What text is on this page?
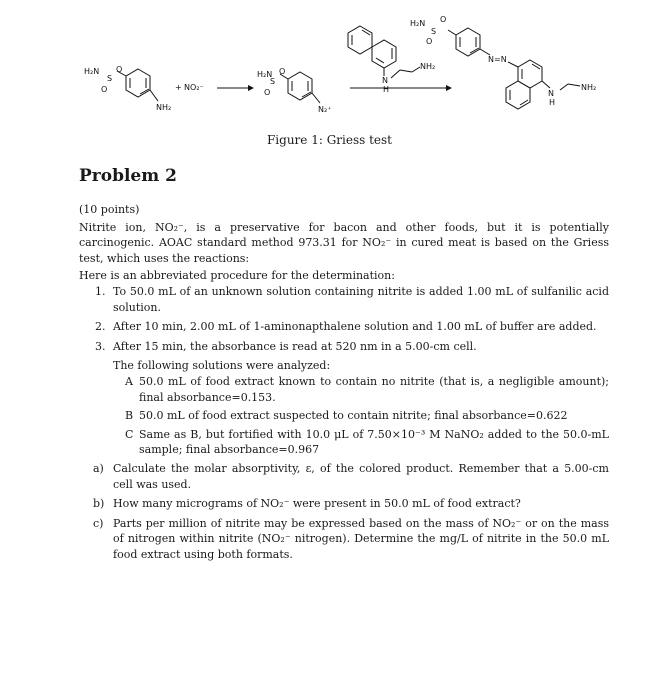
H₂N
S
O
O
NH₂
+ NO₂⁻
H₂N
S
O
O
N₂⁺
N
H
NH₂
H₂N
S
O
O
N=N
N
H
NH₂
Figure 1: Griess test
Problem 2

(10 points)

Nitrite ion, NO₂⁻, is a preservative for bacon and other foods, but it is potentially carcinogenic. AOAC standard method 973.31 for NO₂⁻ in cured meat is based on the Griess test, which uses the reactions:

Here is an abbreviated procedure for the determination:

1. To 50.0 mL of an unknown solution containing nitrite is added 1.00 mL of sulfanilic acid solution.
2. After 10 min, 2.00 mL of 1-aminonapthalene solution and 1.00 mL of buffer are added.
3. After 15 min, the absorbance is read at 520 nm in a 5.00-cm cell.

The following solutions were analyzed:

A 50.0 mL of food extract known to contain no nitrite (that is, a negligible amount); final absorbance=0.153.
B 50.0 mL of food extract suspected to contain nitrite; final absorbance=0.622
C Same as B, but fortified with 10.0 μL of 7.50×10⁻³ M NaNO₂ added to the 50.0-mL sample; final absorbance=0.967
a) Calculate the molar absorptivity, ε, of the colored product. Remember that a 5.00-cm cell was used.
b) How many micrograms of NO₂⁻ were present in 50.0 mL of food extract?
c) Parts per million of nitrite may be expressed based on the mass of NO₂⁻ or on the mass of nitrogen within nitrite (NO₂⁻ nitrogen). Determine the mg/L of nitrite in the 50.0 mL food extract using both formats.
